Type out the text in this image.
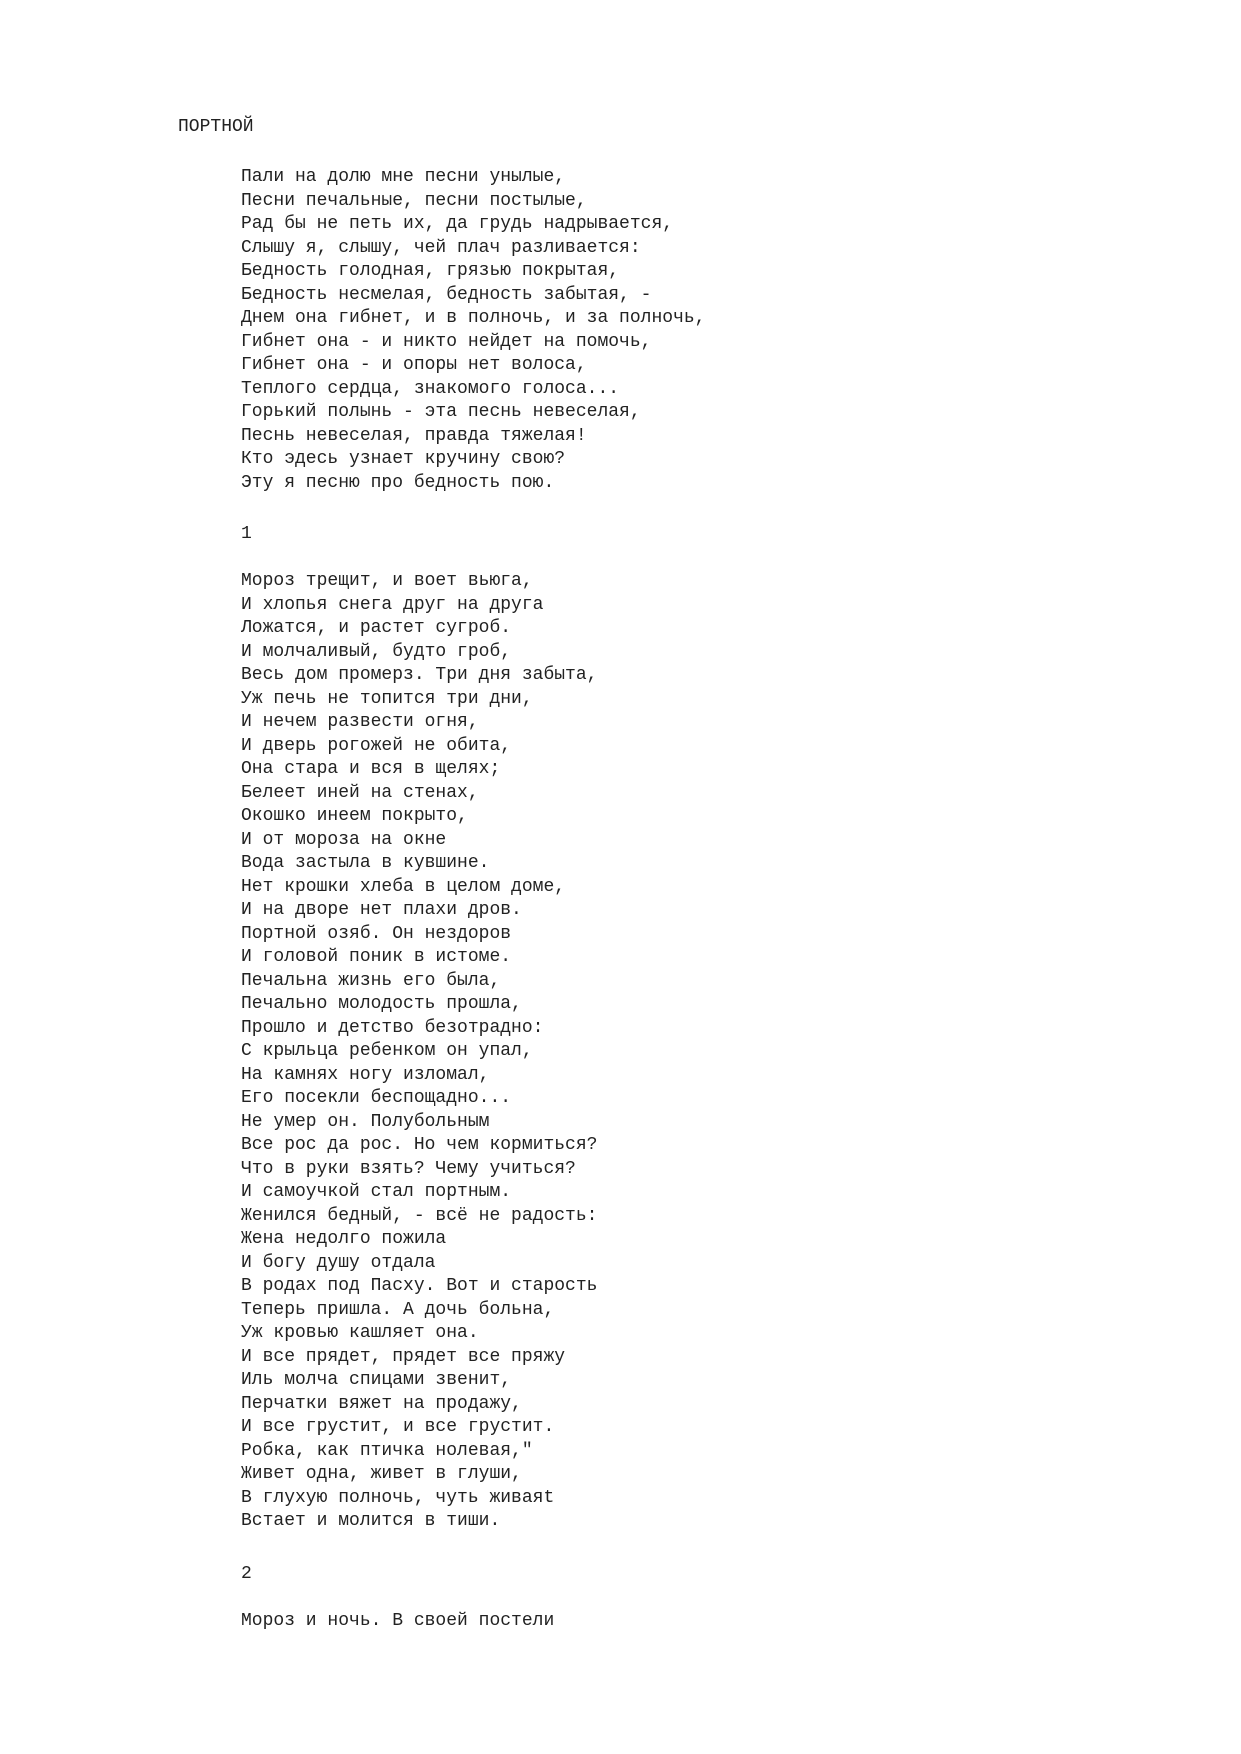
ПОРТНОЙ
Пали на долю мне песни унылые,
Песни печальные, песни постылые,
Рад бы не петь их, да грудь надрывается,
Слышу я, слышу, чей плач разливается:
Бедность голодная, грязью покрытая,
Бедность несмелая, бедность забытая, -
Днем она гибнет, и в полночь, и за полночь,
Гибнет она - и никто нейдет на помочь,
Гибнет она - и опоры нет волоса,
Теплого сердца, знакомого голоса...
Горький полынь - эта песнь невеселая,
Песнь невеселая, правда тяжелая!
Кто эдесь узнает кручину свою?
Эту я песню про бедность пою.
1
Мороз трещит, и воет вьюга,
И хлопья снега друг на друга
Ложатся, и растет сугроб.
И молчаливый, будто гроб,
Весь дом промерз. Три дня забыта,
Уж печь не топится три дни,
И нечем развести огня,
И дверь рогожей не обита,
Она стара и вся в щелях;
Белеет иней на стенах,
Окошко инеем покрыто,
И от мороза на окне
Вода застыла в кувшине.
Нет крошки хлеба в целом доме,
И на дворе нет плахи дров.
Портной озяб. Он нездоров
И головой поник в истоме.
Печальна жизнь его была,
Печально молодость прошла,
Прошло и детство безотрадно:
С крыльца ребенком он упал,
На камнях ногу изломал,
Его посекли беспощадно...
Не умер он. Полубольным
Все рос да рос. Но чем кормиться?
Что в руки взять? Чему учиться?
И самоучкой стал портным.
Женился бедный, - всё не радость:
Жена недолго пожила
И богу душу отдала
В родах под Пасху. Вот и старость
Теперь пришла. А дочь больна,
Уж кровью кашляет она.
И все прядет, прядет все пряжу
Иль молча спицами звенит,
Перчатки вяжет на продажу,
И все грустит, и все грустит.
Робка, как птичка нолевая,"
Живет одна, живет в глуши,
В глухую полночь, чуть живаяt
Встает и молится в тиши.
2
Мороз и ночь. В своей постели
